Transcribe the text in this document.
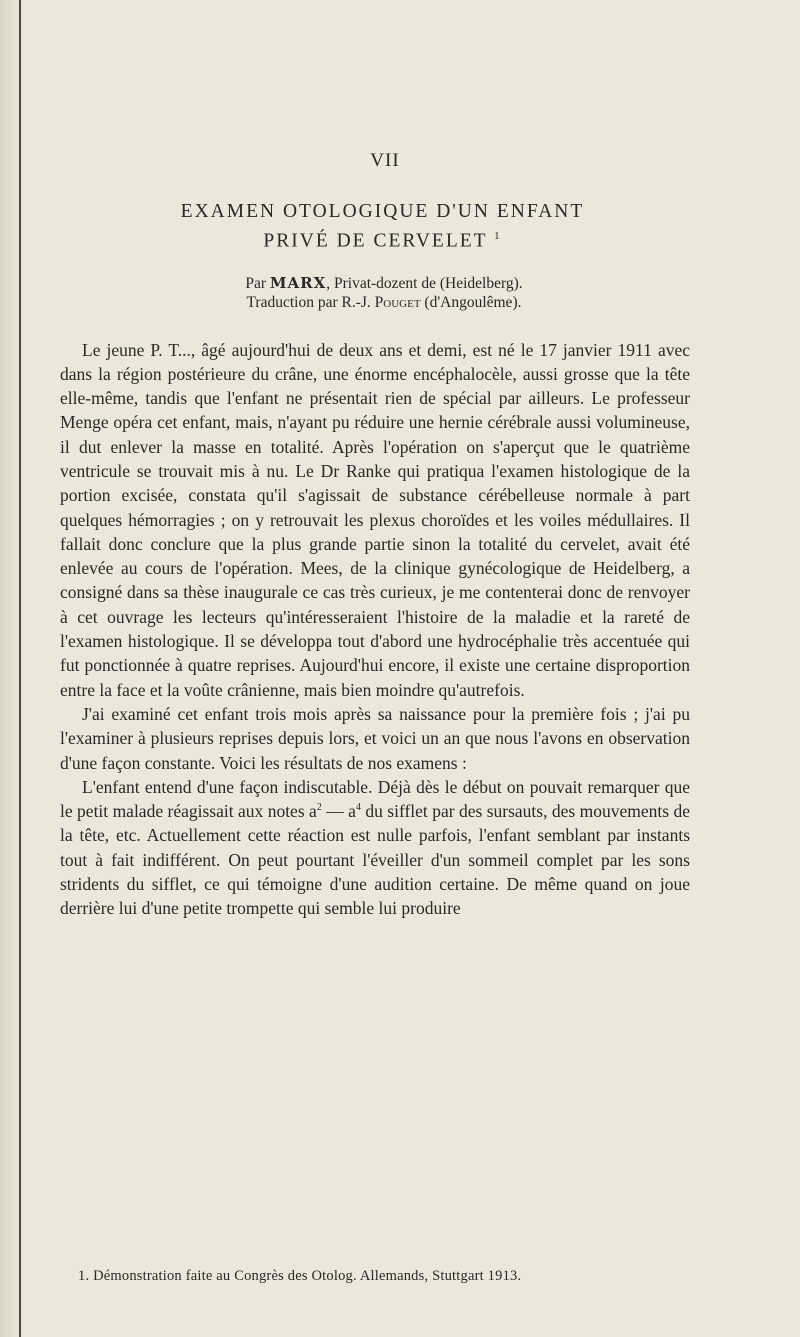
VII
EXAMEN OTOLOGIQUE D'UN ENFANT
PRIVÉ DE CERVELET $^1$
Par MARX, Privat-dozent de (Heidelberg).
Traduction par R.-J. Pouget (d'Angoulême).

Le jeune P. T..., âgé aujourd'hui de deux ans et demi, est né le 17 janvier 1911 avec dans la région postérieure du crâne, une énorme encéphalocèle, aussi grosse que la tête elle-même, tandis que l'enfant ne présentait rien de spécial par ailleurs. Le professeur Menge opéra cet enfant, mais, n'ayant pu réduire une hernie cérébrale aussi volumineuse, il dut enlever la masse en totalité. Après l'opération on s'aperçut que le quatrième ventricule se trouvait mis à nu. Le Dr Ranke qui pratiqua l'examen histologique de la portion excisée, constata qu'il s'agissait de substance cérébelleuse normale à part quelques hémorragies ; on y retrouvait les plexus choroïdes et les voiles médullaires. Il fallait donc conclure que la plus grande partie sinon la totalité du cervelet, avait été enlevée au cours de l'opération. Mees, de la clinique gynécologique de Heidelberg, a consigné dans sa thèse inaugurale ce cas très curieux, je me contenterai donc de renvoyer à cet ouvrage les lecteurs qu'intéresseraient l'histoire de la maladie et la rareté de l'examen histologique. Il se développa tout d'abord une hydrocéphalie très accentuée qui fut ponctionnée à quatre reprises. Aujourd'hui encore, il existe une certaine disproportion entre la face et la voûte crânienne, mais bien moindre qu'autrefois.

J'ai examiné cet enfant trois mois après sa naissance pour la première fois ; j'ai pu l'examiner à plusieurs reprises depuis lors, et voici un an que nous l'avons en observation d'une façon constante. Voici les résultats de nos examens :

L'enfant entend d'une façon indiscutable. Déjà dès le début on pouvait remarquer que le petit malade réagissait aux notes $a^2$ — $a^4$ du sifflet par des sursauts, des mouvements de la tête, etc. Actuellement cette réaction est nulle parfois, l'enfant semblant par instants tout à fait indifférent. On peut pourtant l'éveiller d'un sommeil complet par les sons stridents du sifflet, ce qui témoigne d'une audition certaine. De même quand on joue derrière lui d'une petite trompette qui semble lui produire

1. Démonstration faite au Congrès des Otolog. Allemands, Stuttgart 1913.
